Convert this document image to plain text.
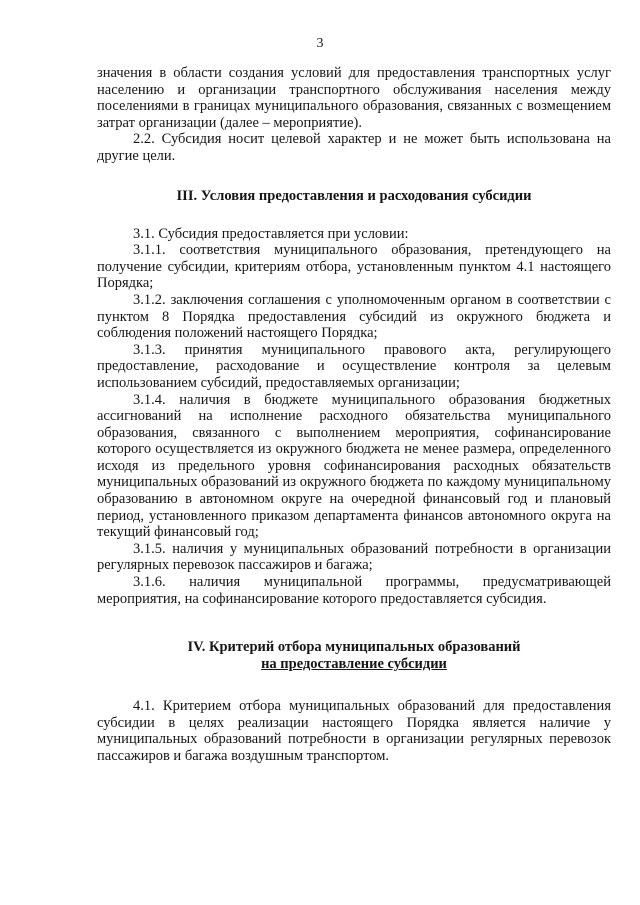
3

значения в области создания условий для предоставления транспортных услуг населению и организации транспортного обслуживания населения между поселениями в границах муниципального образования, связанных с возмещением затрат организации (далее – мероприятие).

2.2. Субсидия носит целевой характер и не может быть использована на другие цели.

III. Условия предоставления и расходования субсидии

3.1. Субсидия предоставляется при условии:

3.1.1. соответствия муниципального образования, претендующего на получение субсидии, критериям отбора, установленным пунктом 4.1 настоящего Порядка;

3.1.2. заключения соглашения с уполномоченным органом в соответствии с пунктом 8 Порядка предоставления субсидий из окружного бюджета и соблюдения положений настоящего Порядка;

3.1.3. принятия муниципального правового акта, регулирующего предоставление, расходование и осуществление контроля за целевым использованием субсидий, предоставляемых организации;

3.1.4. наличия в бюджете муниципального образования бюджетных ассигнований на исполнение расходного обязательства муниципального образования, связанного с выполнением мероприятия, софинансирование которого осуществляется из окружного бюджета не менее размера, определенного исходя из предельного уровня софинансирования расходных обязательств муниципальных образований из окружного бюджета по каждому муниципальному образованию в автономном округе на очередной финансовый год и плановый период, установленного приказом департамента финансов автономного округа на текущий финансовый год;

3.1.5. наличия у муниципальных образований потребности в организации регулярных перевозок пассажиров и багажа;

3.1.6. наличия муниципальной программы, предусматривающей мероприятия, на софинансирование которого предоставляется субсидия.

IV. Критерий отбора муниципальных образований

на предоставление субсидии

4.1. Критерием отбора муниципальных образований для предоставления субсидии в целях реализации настоящего Порядка является наличие у муниципальных образований потребности в организации регулярных перевозок пассажиров и багажа воздушным транспортом.
